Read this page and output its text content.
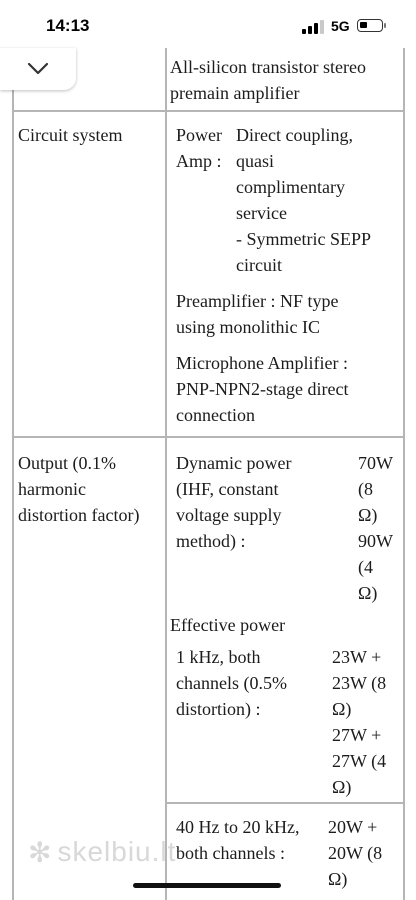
14:13	5G
All-silicon transistor stereo
premain amplifier
Circuit system	Power
Amp :
Direct coupling,
quasi
complimentary
service
- Symmetric SEPP
circuit
Preamplifier : NF type
using monolithic IC
Microphone Amplifier :
PNP-NPN2-stage direct
connection
Output (0.1%
harmonic
distortion factor)
Dynamic power
(IHF, constant
voltage supply
method) :
70W
(8
Ω)
90W
(4
Ω)
Effective power
1 kHz, both
channels (0.5%
distortion) :
23W +
23W (8
Ω)
27W +
27W (4
Ω)
40 Hz to 20 kHz,
both channels :
20W +
20W (8
Ω)
✻ skelbiu.lt
